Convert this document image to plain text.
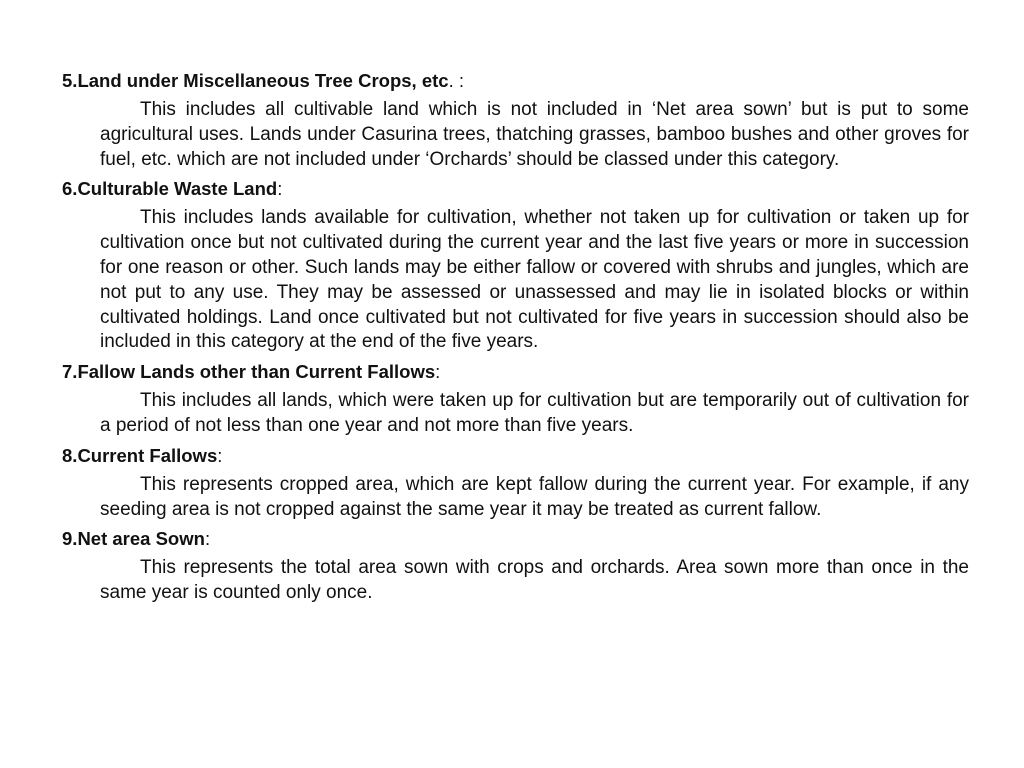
5.Land under Miscellaneous Tree Crops, etc. :

This includes all cultivable land which is not included in ‘Net area sown’ but is put to some agricultural uses. Lands under Casurina trees, thatching grasses, bamboo bushes and other groves for fuel, etc. which are not included under ‘Orchards’ should be classed under this category.

6.Culturable Waste Land:

This includes lands available for cultivation, whether not taken up for cultivation or taken up for cultivation once but not cultivated during the current year and the last five years or more in succession for one reason or other. Such lands may be either fallow or covered with shrubs and jungles, which are not put to any use. They may be assessed or unassessed and may lie in isolated blocks or within cultivated holdings. Land once cultivated but not cultivated for five years in succession should also be included in this category at the end of the five years.

7.Fallow Lands other than Current Fallows:

This includes all lands, which were taken up for cultivation but are temporarily out of cultivation for a period of not less than one year and not more than five years.

8.Current Fallows:

This represents cropped area, which are kept fallow during the current year. For example, if any seeding area is not cropped against the same year it may be treated as current fallow.

9.Net area Sown:

This represents the total area sown with crops and orchards. Area sown more than once in the same year is counted only once.
